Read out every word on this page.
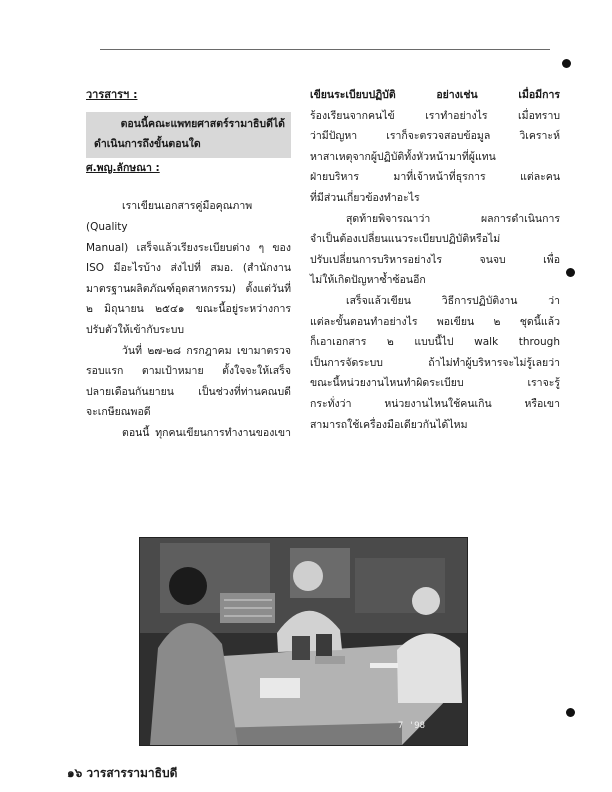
วารสารฯ :

ตอนนี้คณะแพทยศาสตร์รามาธิบดีได้

ดำเนินการถึงขั้นตอนใด

ศ.พญ.ลักษณา :

เราเขียนเอกสารคู่มือคุณภาพ (Quality

Manual) เสร็จแล้วเรียงระเบียบต่าง ๆ ของ

ISO มีอะไรบ้าง ส่งไปที่ สมอ. (สำนักงาน

มาตรฐานผลิตภัณฑ์อุตสาหกรรม) ตั้งแต่วันที่

๒ มิถุนายน ๒๕๔๑ ขณะนี้อยู่ระหว่างการ

ปรับตัวให้เข้ากับระบบ

วันที่ ๒๗-๒๘ กรกฎาคม เขามาตรวจ

รอบแรก ตามเป้าหมาย ตั้งใจจะให้เสร็จ

ปลายเดือนกันยายน เป็นช่วงที่ท่านคณบดี

จะเกษียณพอดี

ตอนนี้ ทุกคนเขียนการทำงานของเขา

เขียนระเบียบปฏิบัติ อย่างเช่น เมื่อมีการ

ร้องเรียนจากคนไข้ เราทำอย่างไร เมื่อทราบ

ว่ามีปัญหา เราก็จะตรวจสอบข้อมูล วิเคราะห์

หาสาเหตุจากผู้ปฏิบัติทั้งหัวหน้ามาที่ผู้แทน

ฝ่ายบริหาร มาที่เจ้าหน้าที่ธุรการ แต่ละคน

ที่มีส่วนเกี่ยวข้องทำอะไร

สุดท้ายพิจารณาว่า ผลการดำเนินการ

จำเป็นต้องเปลี่ยนแนวระเบียบปฏิบัติหรือไม่

ปรับเปลี่ยนการบริหารอย่างไร จนจบ เพื่อ

ไม่ให้เกิดปัญหาซ้ำซ้อนอีก

เสร็จแล้วเขียน วิธีการปฏิบัติงาน ว่า

แต่ละขั้นตอนทำอย่างไร พอเขียน ๒ ชุดนี้แล้ว

ก็เอาเอกสาร ๒ แบบนี้ไป walk through

เป็นการจัดระบบ ถ้าไม่ทำผู้บริหารจะไม่รู้เลยว่า

ขณะนี้หน่วยงานไหนทำผิดระเบียบ เราจะรู้

กระทั่งว่า หน่วยงานไหนใช้คนเกิน หรือเขา

สามารถใช้เครื่องมือเดียวกันได้ไหม

7 '98
๑๖ วารสารรามาธิบดี
